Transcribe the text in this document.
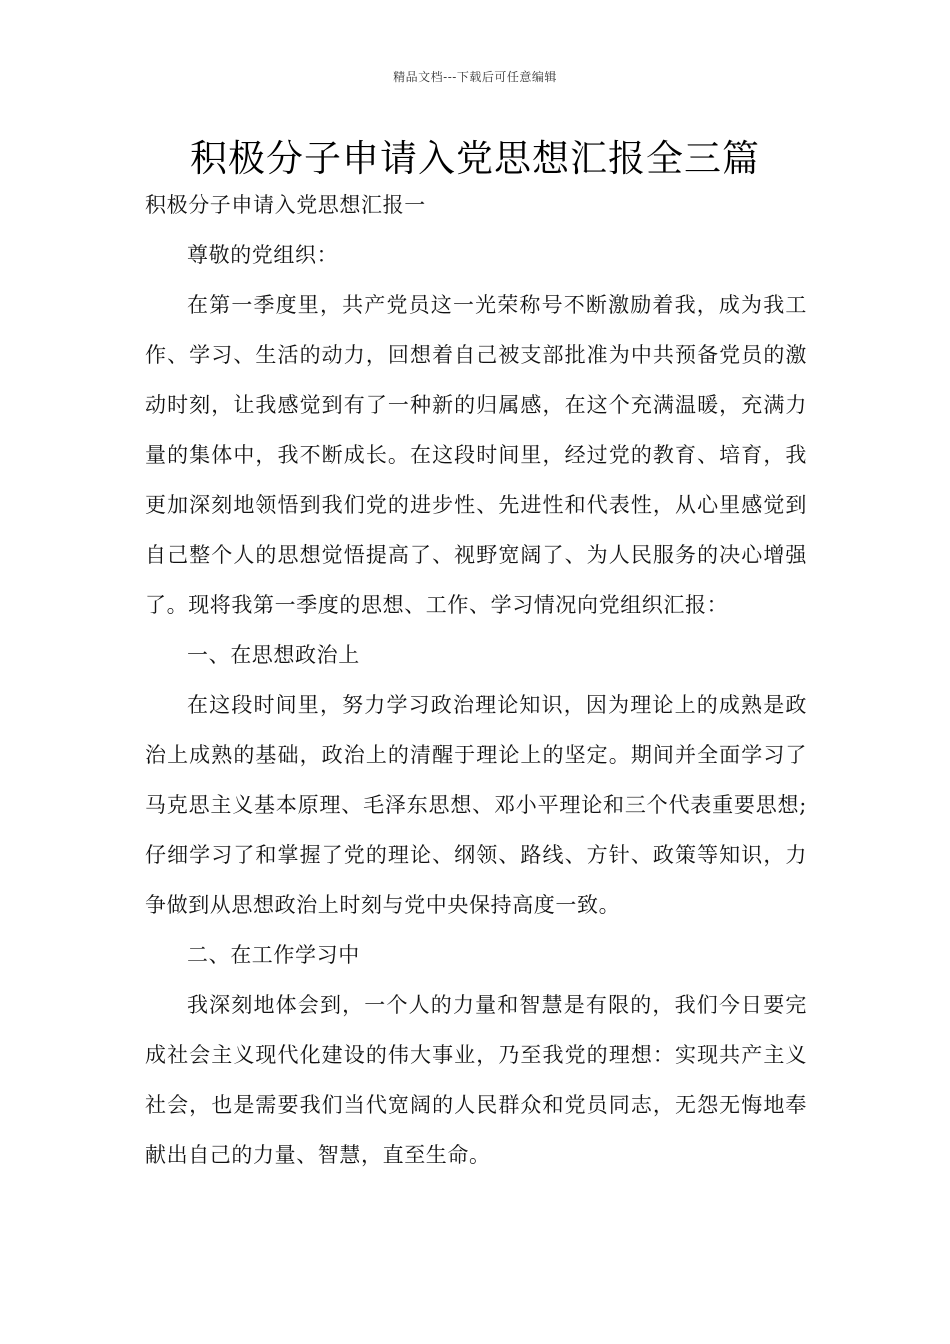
精品文档---下载后可任意编辑
积极分子申请入党思想汇报全三篇

积极分子申请入党思想汇报一

尊敬的党组织：

在第一季度里，共产党员这一光荣称号不断激励着我，成为我工作、学习、生活的动力，回想着自己被支部批准为中共预备党员的激动时刻，让我感觉到有了一种新的归属感，在这个充满温暖，充满力量的集体中，我不断成长。在这段时间里，经过党的教育、培育，我更加深刻地领悟到我们党的进步性、先进性和代表性，从心里感觉到自己整个人的思想觉悟提高了、视野宽阔了、为人民服务的决心增强了。现将我第一季度的思想、工作、学习情况向党组织汇报：

一、在思想政治上

在这段时间里，努力学习政治理论知识，因为理论上的成熟是政治上成熟的基础，政治上的清醒于理论上的坚定。期间并全面学习了马克思主义基本原理、毛泽东思想、邓小平理论和三个代表重要思想;仔细学习了和掌握了党的理论、纲领、路线、方针、政策等知识，力争做到从思想政治上时刻与党中央保持高度一致。

二、在工作学习中

我深刻地体会到，一个人的力量和智慧是有限的，我们今日要完成社会主义现代化建设的伟大事业，乃至我党的理想：实现共产主义社会，也是需要我们当代宽阔的人民群众和党员同志，无怨无悔地奉献出自己的力量、智慧，直至生命。
